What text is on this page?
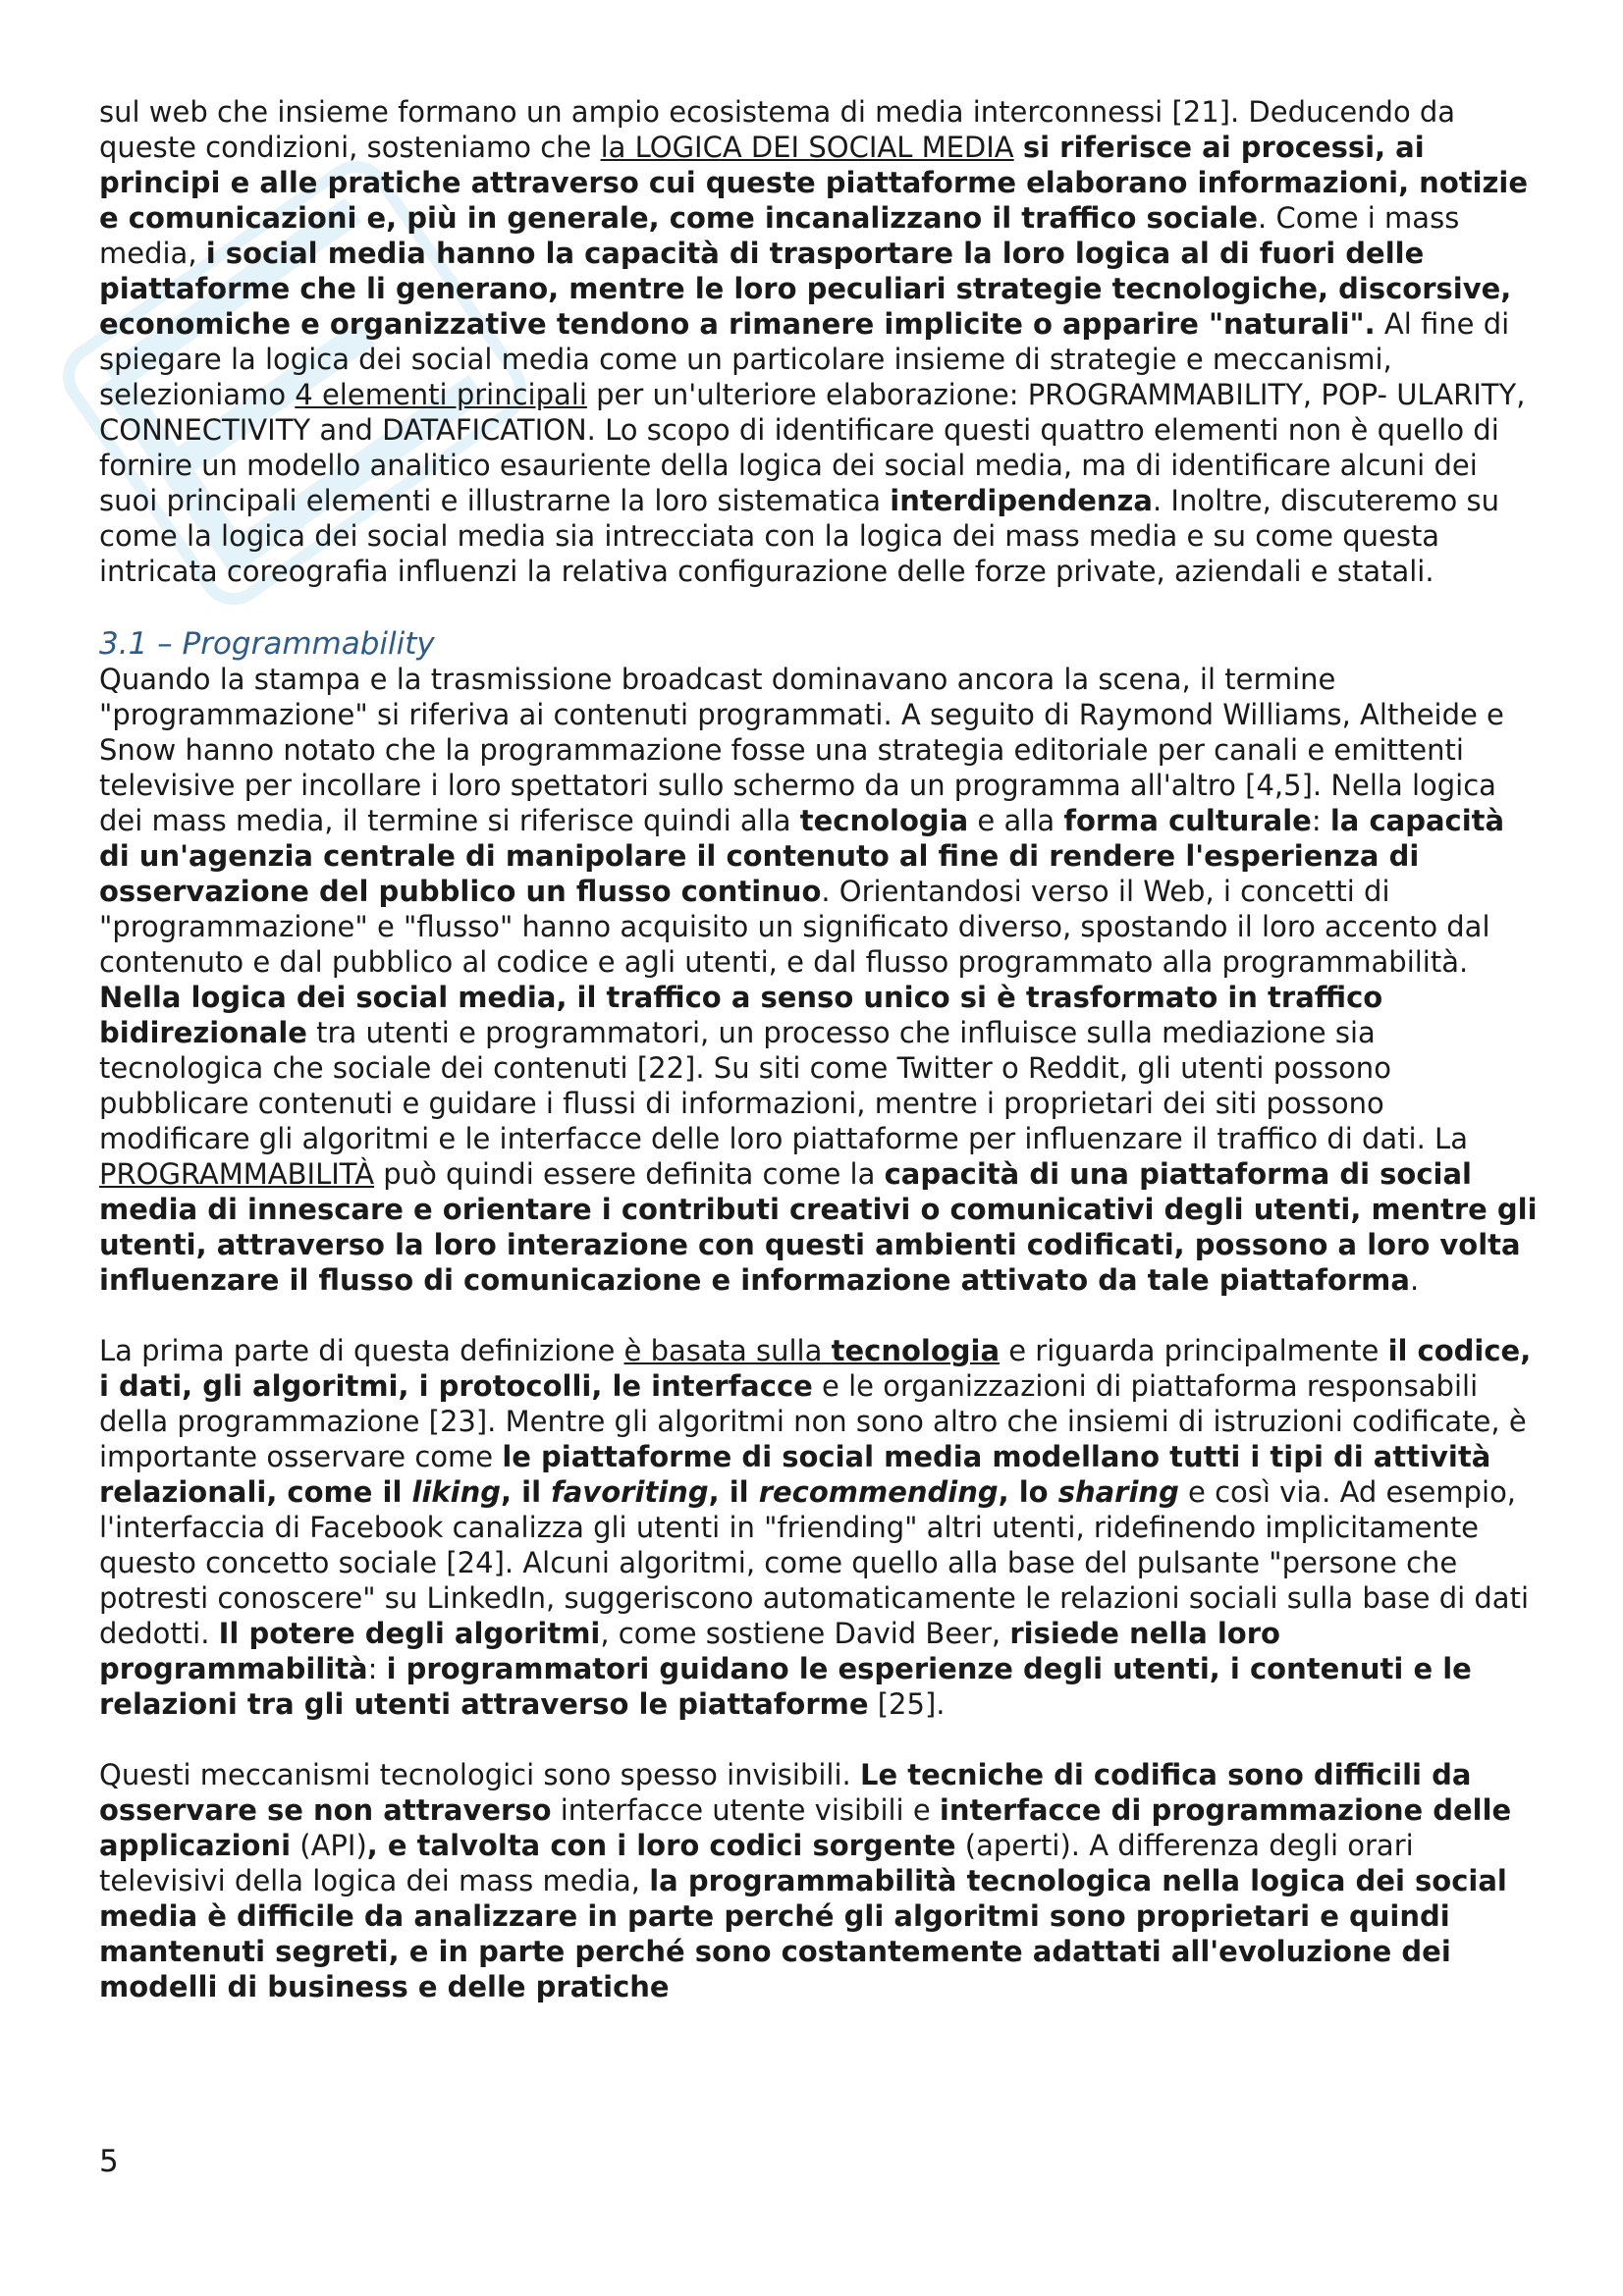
sul web che insieme formano un ampio ecosistema di media interconnessi [21]. Deducendo da queste condizioni, sosteniamo che la LOGICA DEI SOCIAL MEDIA si riferisce ai processi, ai principi e alle pratiche attraverso cui queste piattaforme elaborano informazioni, notizie e comunicazioni e, più in generale, come incanalizzano il traffico sociale. Come i mass media, i social media hanno la capacità di trasportare la loro logica al di fuori delle piattaforme che li generano, mentre le loro peculiari strategie tecnologiche, discorsive, economiche e organizzative tendono a rimanere implicite o apparire "naturali". Al fine di spiegare la logica dei social media come un particolare insieme di strategie e meccanismi, selezioniamo 4 elementi principali per un'ulteriore elaborazione: PROGRAMMABILITY, POP- ULARITY, CONNECTIVITY and DATAFICATION. Lo scopo di identificare questi quattro elementi non è quello di fornire un modello analitico esauriente della logica dei social media, ma di identificare alcuni dei suoi principali elementi e illustrarne la loro sistematica interdipendenza. Inoltre, discuteremo su come la logica dei social media sia intrecciata con la logica dei mass media e su come questa intricata coreografia influenzi la relativa configurazione delle forze private, aziendali e statali.

3.1 – Programmability

Quando la stampa e la trasmissione broadcast dominavano ancora la scena, il termine "programmazione" si riferiva ai contenuti programmati. A seguito di Raymond Williams, Altheide e Snow hanno notato che la programmazione fosse una strategia editoriale per canali e emittenti televisive per incollare i loro spettatori sullo schermo da un programma all'altro [4,5]. Nella logica dei mass media, il termine si riferisce quindi alla tecnologia e alla forma culturale: la capacità di un'agenzia centrale di manipolare il contenuto al fine di rendere l'esperienza di osservazione del pubblico un flusso continuo. Orientandosi verso il Web, i concetti di "programmazione" e "flusso" hanno acquisito un significato diverso, spostando il loro accento dal contenuto e dal pubblico al codice e agli utenti, e dal flusso programmato alla programmabilità. Nella logica dei social media, il traffico a senso unico si è trasformato in traffico bidirezionale tra utenti e programmatori, un processo che influisce sulla mediazione sia tecnologica che sociale dei contenuti [22]. Su siti come Twitter o Reddit, gli utenti possono pubblicare contenuti e guidare i flussi di informazioni, mentre i proprietari dei siti possono modificare gli algoritmi e le interfacce delle loro piattaforme per influenzare il traffico di dati. La PROGRAMMABILITÀ può quindi essere definita come la capacità di una piattaforma di social media di innescare e orientare i contributi creativi o comunicativi degli utenti, mentre gli utenti, attraverso la loro interazione con questi ambienti codificati, possono a loro volta influenzare il flusso di comunicazione e informazione attivato da tale piattaforma.

La prima parte di questa definizione è basata sulla tecnologia e riguarda principalmente il codice, i dati, gli algoritmi, i protocolli, le interfacce e le organizzazioni di piattaforma responsabili della programmazione [23]. Mentre gli algoritmi non sono altro che insiemi di istruzioni codificate, è importante osservare come le piattaforme di social media modellano tutti i tipi di attività relazionali, come il liking, il favoriting, il recommending, lo sharing e così via. Ad esempio, l'interfaccia di Facebook canalizza gli utenti in "friending" altri utenti, ridefinendo implicitamente questo concetto sociale [24]. Alcuni algoritmi, come quello alla base del pulsante "persone che potresti conoscere" su LinkedIn, suggeriscono automaticamente le relazioni sociali sulla base di dati dedotti. Il potere degli algoritmi, come sostiene David Beer, risiede nella loro programmabilità: i programmatori guidano le esperienze degli utenti, i contenuti e le relazioni tra gli utenti attraverso le piattaforme [25].

Questi meccanismi tecnologici sono spesso invisibili. Le tecniche di codifica sono difficili da osservare se non attraverso interfacce utente visibili e interfacce di programmazione delle applicazioni (API), e talvolta con i loro codici sorgente (aperti). A differenza degli orari televisivi della logica dei mass media, la programmabilità tecnologica nella logica dei social media è difficile da analizzare in parte perché gli algoritmi sono proprietari e quindi mantenuti segreti, e in parte perché sono costantemente adattati all'evoluzione dei modelli di business e delle pratiche

5
